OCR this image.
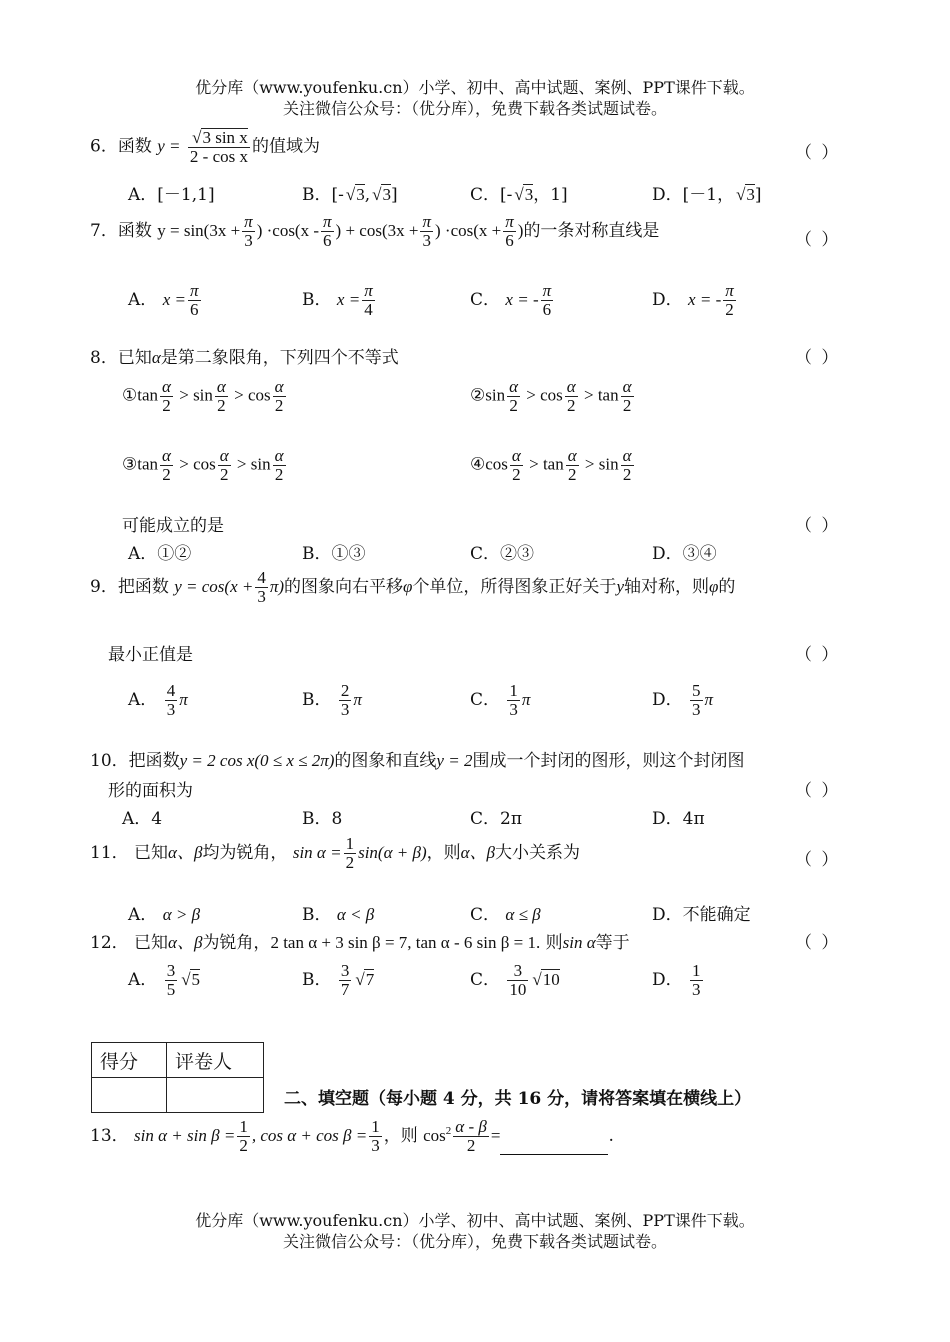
优分库（www.youfenku.cn）小学、初中、高中试题、案例、PPT课件下载。
关注微信公众号：（优分库），免费下载各类试题试卷。
6．函数 y = √ $\frac{\text{3 sin x}}{\text{2 - cos x}}$ 的值域为	（ ）
A．[－1,1]	B．[- √ 3, √ 3]	C．[- √ 3，1]	D．[－1， √ 3]
7．函数 $y = \sin(3x + \frac{\pi}{3}$ ) $\cdot\cos(x - \frac{\pi}{6}$ ) + $\cos(3x + \frac{\pi}{3}$ ) $\cdot\cos(x + \frac{\pi}{6}$ )的一条对称直线是	（ ）
A． $x = \frac{\pi}{6}$	B． $x = \frac{\pi}{4}$	C． x = - $\frac{\pi}{6}$	D． x = - $\frac{\pi}{2}$
8．已知α是第二象限角，下列四个不等式	（ ）
①tan $\frac{\alpha}{2} > \sin \frac{\alpha}{2} > \cos \frac{\alpha}{2}$	②sin $\frac{\alpha}{2} > \cos \frac{\alpha}{2} > \tan \frac{\alpha}{2}$
③tan $\frac{\alpha}{2} > \cos \frac{\alpha}{2} > \sin \frac{\alpha}{2}$	④cos $\frac{\alpha}{2} > \tan \frac{\alpha}{2} > \sin \frac{\alpha}{2}$
可能成立的是	（ ）
A．①②	B．①③	C．②③	D．③④
9．把函数 $y = \cos(x + \frac{4}{3} \pi)$的图象向右平移φ个单位，所得图象正好关于y轴对称，则φ的
最小正值是	（ ）
A． $\frac{4}{3}$ π	B． $\frac{2}{3}$ π	C． $\frac{1}{3}$ π	D． $\frac{5}{3}$ π
10．把函数y = 2 cos x(0 ≤ x ≤ 2π)的图象和直线y = 2围成一个封闭的图形，则这个封闭图
形的面积为	（ ）
A．4	B．8	C．2π	D．4π
11． 已知α、β均为锐角， $\sin \alpha = \frac{1}{2} \sin(\alpha + \beta)$，则α、β大小关系为	（ ）
A． α > β	B． α < β	C． α ≤ β	D．不能确定
12． 已知α、β为锐角，2 tan α + 3 sin β = 7, tan α - 6 sin β = 1. 则sin α等于	（ ）
A． $\frac{3}{5}$ √ 5	B． $\frac{3}{7}$ √ 7	C． $\frac{3}{10}$ √ 10	D． $\frac{1}{3}$
得分	评卷人

二、填空题（每小题 4 分，共 16 分，请将答案填在横线上）
13． $\sin \alpha + \sin \beta = \frac{1}{2}$ , $\cos \alpha + \cos \beta = \frac{1}{3}$ ，则 $\cos^2 \frac{\alpha - \beta}{2}$ =	.
优分库（www.youfenku.cn）小学、初中、高中试题、案例、PPT课件下载。
关注微信公众号：（优分库），免费下载各类试题试卷。
